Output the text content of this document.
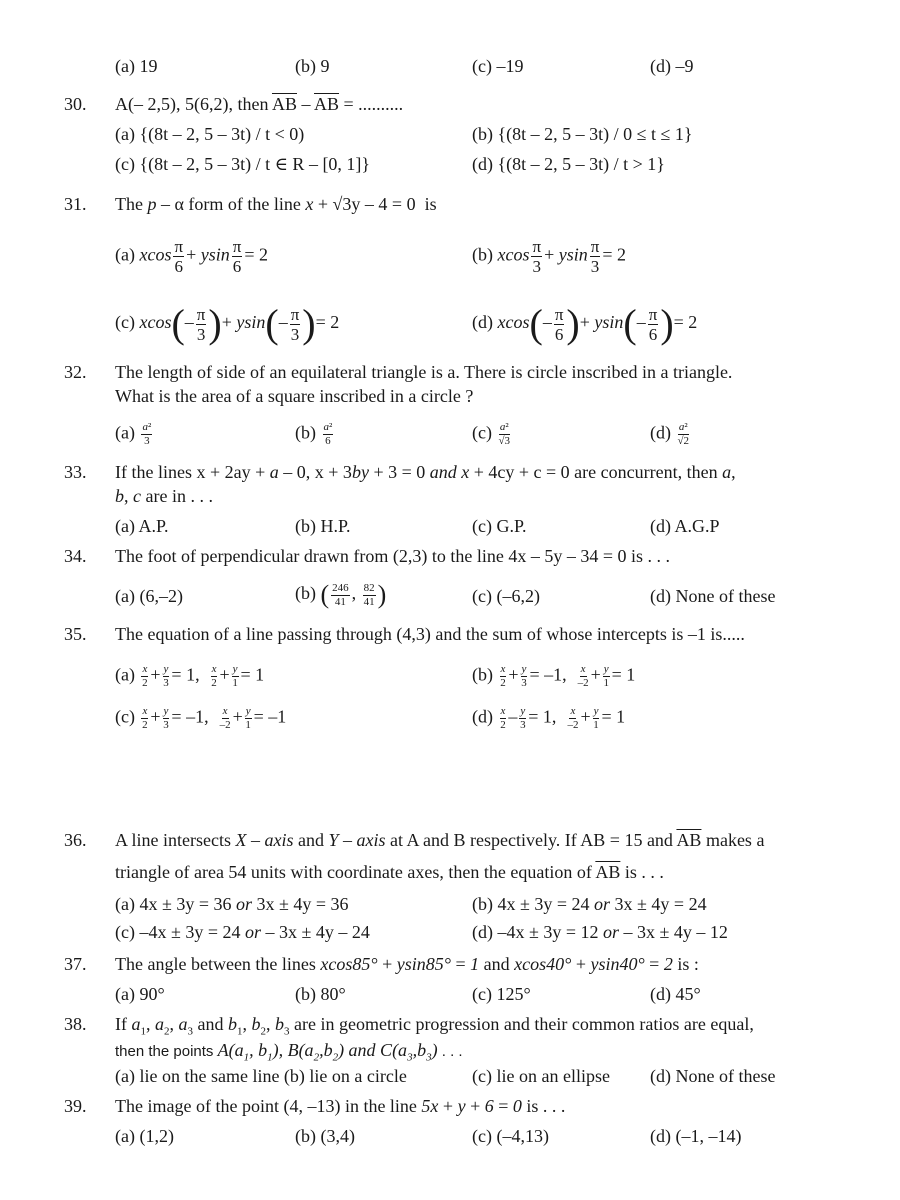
(a) 19	(b) 9	(c) –19	(d) –9
30. A(– 2,5), 5(6,2), then $\overline{AB} - \overline{AB}$ = ..........
(a) {(8t – 2, 5 – 3t) / t < 0)	(b) {(8t – 2, 5 – 3t) / 0 ≤ t ≤ 1}
(c) {(8t – 2, 5 – 3t) / t ∈ R – [0, 1]}	(d) {(8t – 2, 5 – 3t) / t > 1}
31. The p – α form of the line x + √3y – 4 = 0  is
(a) xcos $\frac{\pi}{6} + ysin \frac{\pi}{6} = 2$	(b) xcos $\frac{\pi}{3} + ysin \frac{\pi}{3} = 2$
(c) $xcos(- \frac{\pi}{3}$ )+ $ysin(- \frac{\pi}{3}$ )= 2	(d) $xcos(- \frac{\pi}{6}$ )+ $ysin(- \frac{\pi}{6}$ )= 2
32. The length of side of an equilateral triangle is a. There is circle inscribed in a triangle.
What is the area of a square inscribed in a circle ?
$(a) \frac{\text{a²}}{3}$	$(b) \frac{\text{a²}}{6}$	$(c) \frac{\text{a²}}{√3}$	$(d) \frac{\text{a²}}{√2}$
33. If the lines x + 2ay + a – 0, x + 3by + 3 = 0 and x + 4cy + c = 0 are concurrent, then a,
b, c are in . . .
(a) A.P.	(b) H.P.	(c) G.P.	(d) A.G.P
34. The foot of perpendicular drawn from (2,3) to the line 4x – 5y – 34 = 0 is . . .
(a) (6,–2)	(b) ( $\frac{246}{41}$ , $\frac{82}{41}$ )	(c) (–6,2)	(d) None of these
35. The equation of a line passing through (4,3) and the sum of whose intercepts is –1 is.....
$(a) \frac{x}{2} + \frac{y}{3} = 1$, $\frac{x}{2} + \frac{y}{1} = 1$	$(b) \frac{x}{2} + \frac{y}{3} = -1$, $\frac{x}{-2} + \frac{y}{1} = 1$
$(c) \frac{x}{2} + \frac{y}{3} = -1$, $\frac{x}{-2} + \frac{y}{1} = -1$	$(d) \frac{x}{2} - \frac{y}{3} = 1$, $\frac{x}{-2} + \frac{y}{1} = 1$
36. A line intersects X – axis and Y – axis at A and B respectively. If AB = 15 and $\overline{AB}$ makes a
triangle of area 54 units with coordinate axes, then the equation of $\overline{AB}$ is . . .
(a) 4x ± 3y = 36 or 3x ± 4y = 36	(b) 4x ± 3y = 24 or 3x ± 4y = 24
(c) –4x ± 3y = 24 or – 3x ± 4y – 24	(d) –4x ± 3y = 12 or – 3x ± 4y – 12
37. The angle between the lines xcos85° + ysin85° = 1 and xcos40° + ysin40° = 2 is :
(a) 90°	(b) 80°	(c) 125°	(d) 45°
38. If $a_1$, $a_2$, $a_3$ and $b_1$, $b_2$, $b_3$ are in geometric progression and their common ratios are equal,
then the points $A(a_1$, $b_1$), $B(a_2,b_2)$ and $C(a_3,b_3)$ . . .
(a) lie on the same line (b) lie on a circle	(c) lie on an ellipse (d) None of these
39. The image of the point (4, –13) in the line 5x + y + 6 = 0 is . . .
(a) (1,2)	(b) (3,4)	(c) (–4,13)	(d) (–1, –14)
